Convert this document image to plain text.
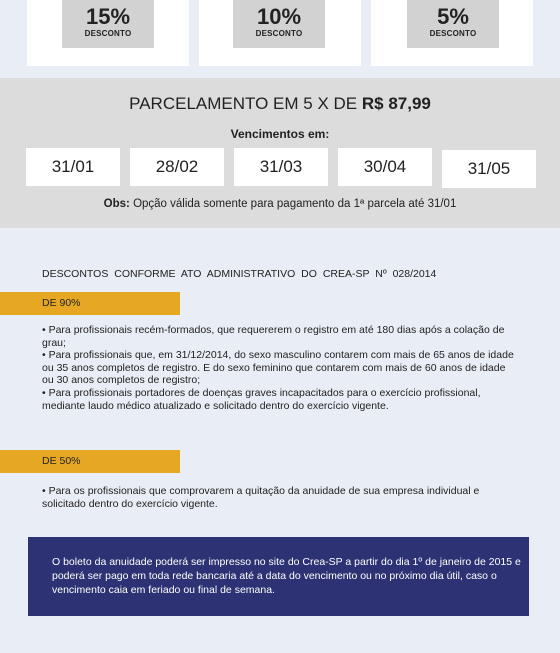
15%
DESCONTO
10%
DESCONTO
5%
DESCONTO
PARCELAMENTO EM 5 X DE R$ 87,99
Vencimentos em:
31/01	28/02	31/03	30/04	31/05
Obs: Opção válida somente para pagamento da 1ª parcela até 31/01
DESCONTOS CONFORME ATO ADMINISTRATIVO DO CREA-SP Nº 028/2014
DE 90%

• Para profissionais recém-formados, que requererem o registro em até 180 dias após a colação de grau;

• Para profissionais que, em 31/12/2014, do sexo masculino contarem com mais de 65 anos de idade ou 35 anos completos de registro. E do sexo feminino que contarem com mais de 60 anos de idade ou 30 anos completos de registro;

• Para profissionais portadores de doenças graves incapacitados para o exercício profissional, mediante laudo médico atualizado e solicitado dentro do exercício vigente.

DE 50%

• Para os profissionais que comprovarem a quitação da anuidade de sua empresa individual e solicitado dentro do exercício vigente.

O boleto da anuidade poderá ser impresso no site do Crea-SP a partir do dia 1º de janeiro de 2015 e poderá ser pago em toda rede bancaria até a data do vencimento ou no próximo dia útil, caso o vencimento caia em feriado ou final de semana.
